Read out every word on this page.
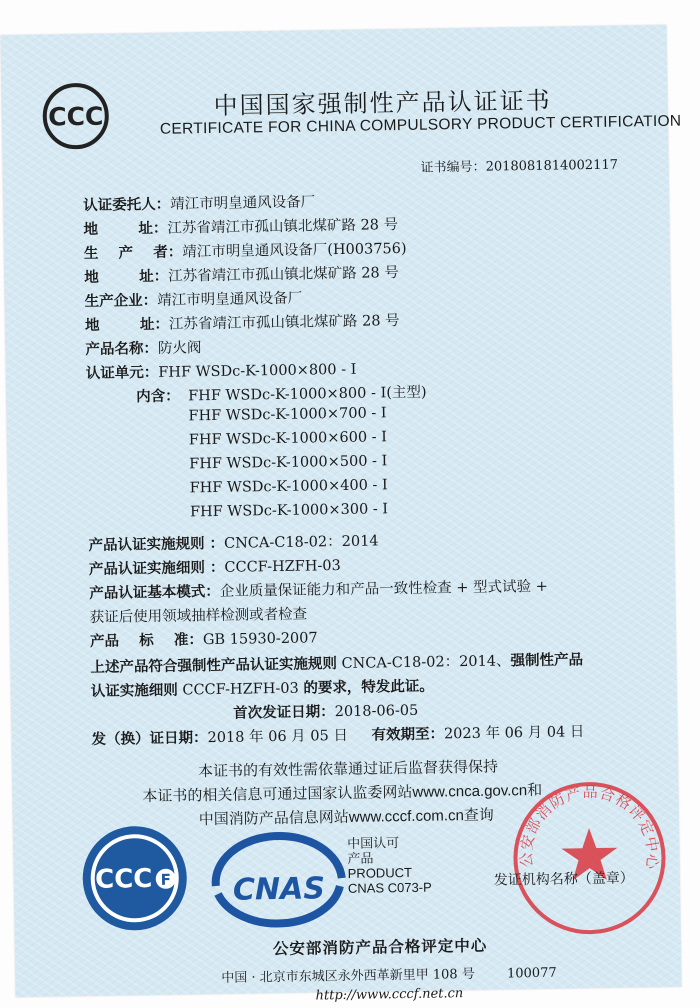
CCC	中国国家强制性产品认证证书
CERTIFICATE FOR CHINA COMPULSORY PRODUCT CERTIFICATION
证书编号：2018081814002117
认证委托人：靖江市明皇通风设备厂
地        址：江苏省靖江市孤山镇北煤矿路 28 号
生    产    者：靖江市明皇通风设备厂(H003756)
地        址：江苏省靖江市孤山镇北煤矿路 28 号
生产企业：靖江市明皇通风设备厂
地        址：江苏省靖江市孤山镇北煤矿路 28 号
产品名称：防火阀
认证单元：FHF WSDc-K-1000×800 - I
内含： FHF WSDc-K-1000×800 - I(主型)
FHF WSDc-K-1000×700 - I
FHF WSDc-K-1000×600 - I
FHF WSDc-K-1000×500 - I
FHF WSDc-K-1000×400 - I
FHF WSDc-K-1000×300 - I
产品认证实施规则 ：CNCA-C18-02：2014
产品认证实施细则 ：CCCF-HZFH-03
产品认证基本模式：企业质量保证能力和产品一致性检查 + 型式试验 +
获证后使用领域抽样检测或者检查
产品    标    准：GB 15930-2007
上述产品符合强制性产品认证实施规则 CNCA-C18-02：2014、强制性产品
认证实施细则 CCCF-HZFH-03 的要求，特发此证。
首次发证日期：2018-06-05
发（换）证日期：2018 年 06 月 05 日 有效期至：2023 年 06 月 04 日
本证书的有效性需依靠通过证后监督获得保持
本证书的相关信息可通过国家认监委网站www.cnca.gov.cn和
中国消防产品信息网站www.cccf.com.cn查询
CCC F CNAS
中国认可
产品
PRODUCT
CNAS C073-P
公安部消防产品合格评定中心
发证机构名称（盖章）
公安部消防产品合格评定中心
中国 · 北京市东城区永外西革新里甲 108 号 100077
http://www.cccf.net.cn
